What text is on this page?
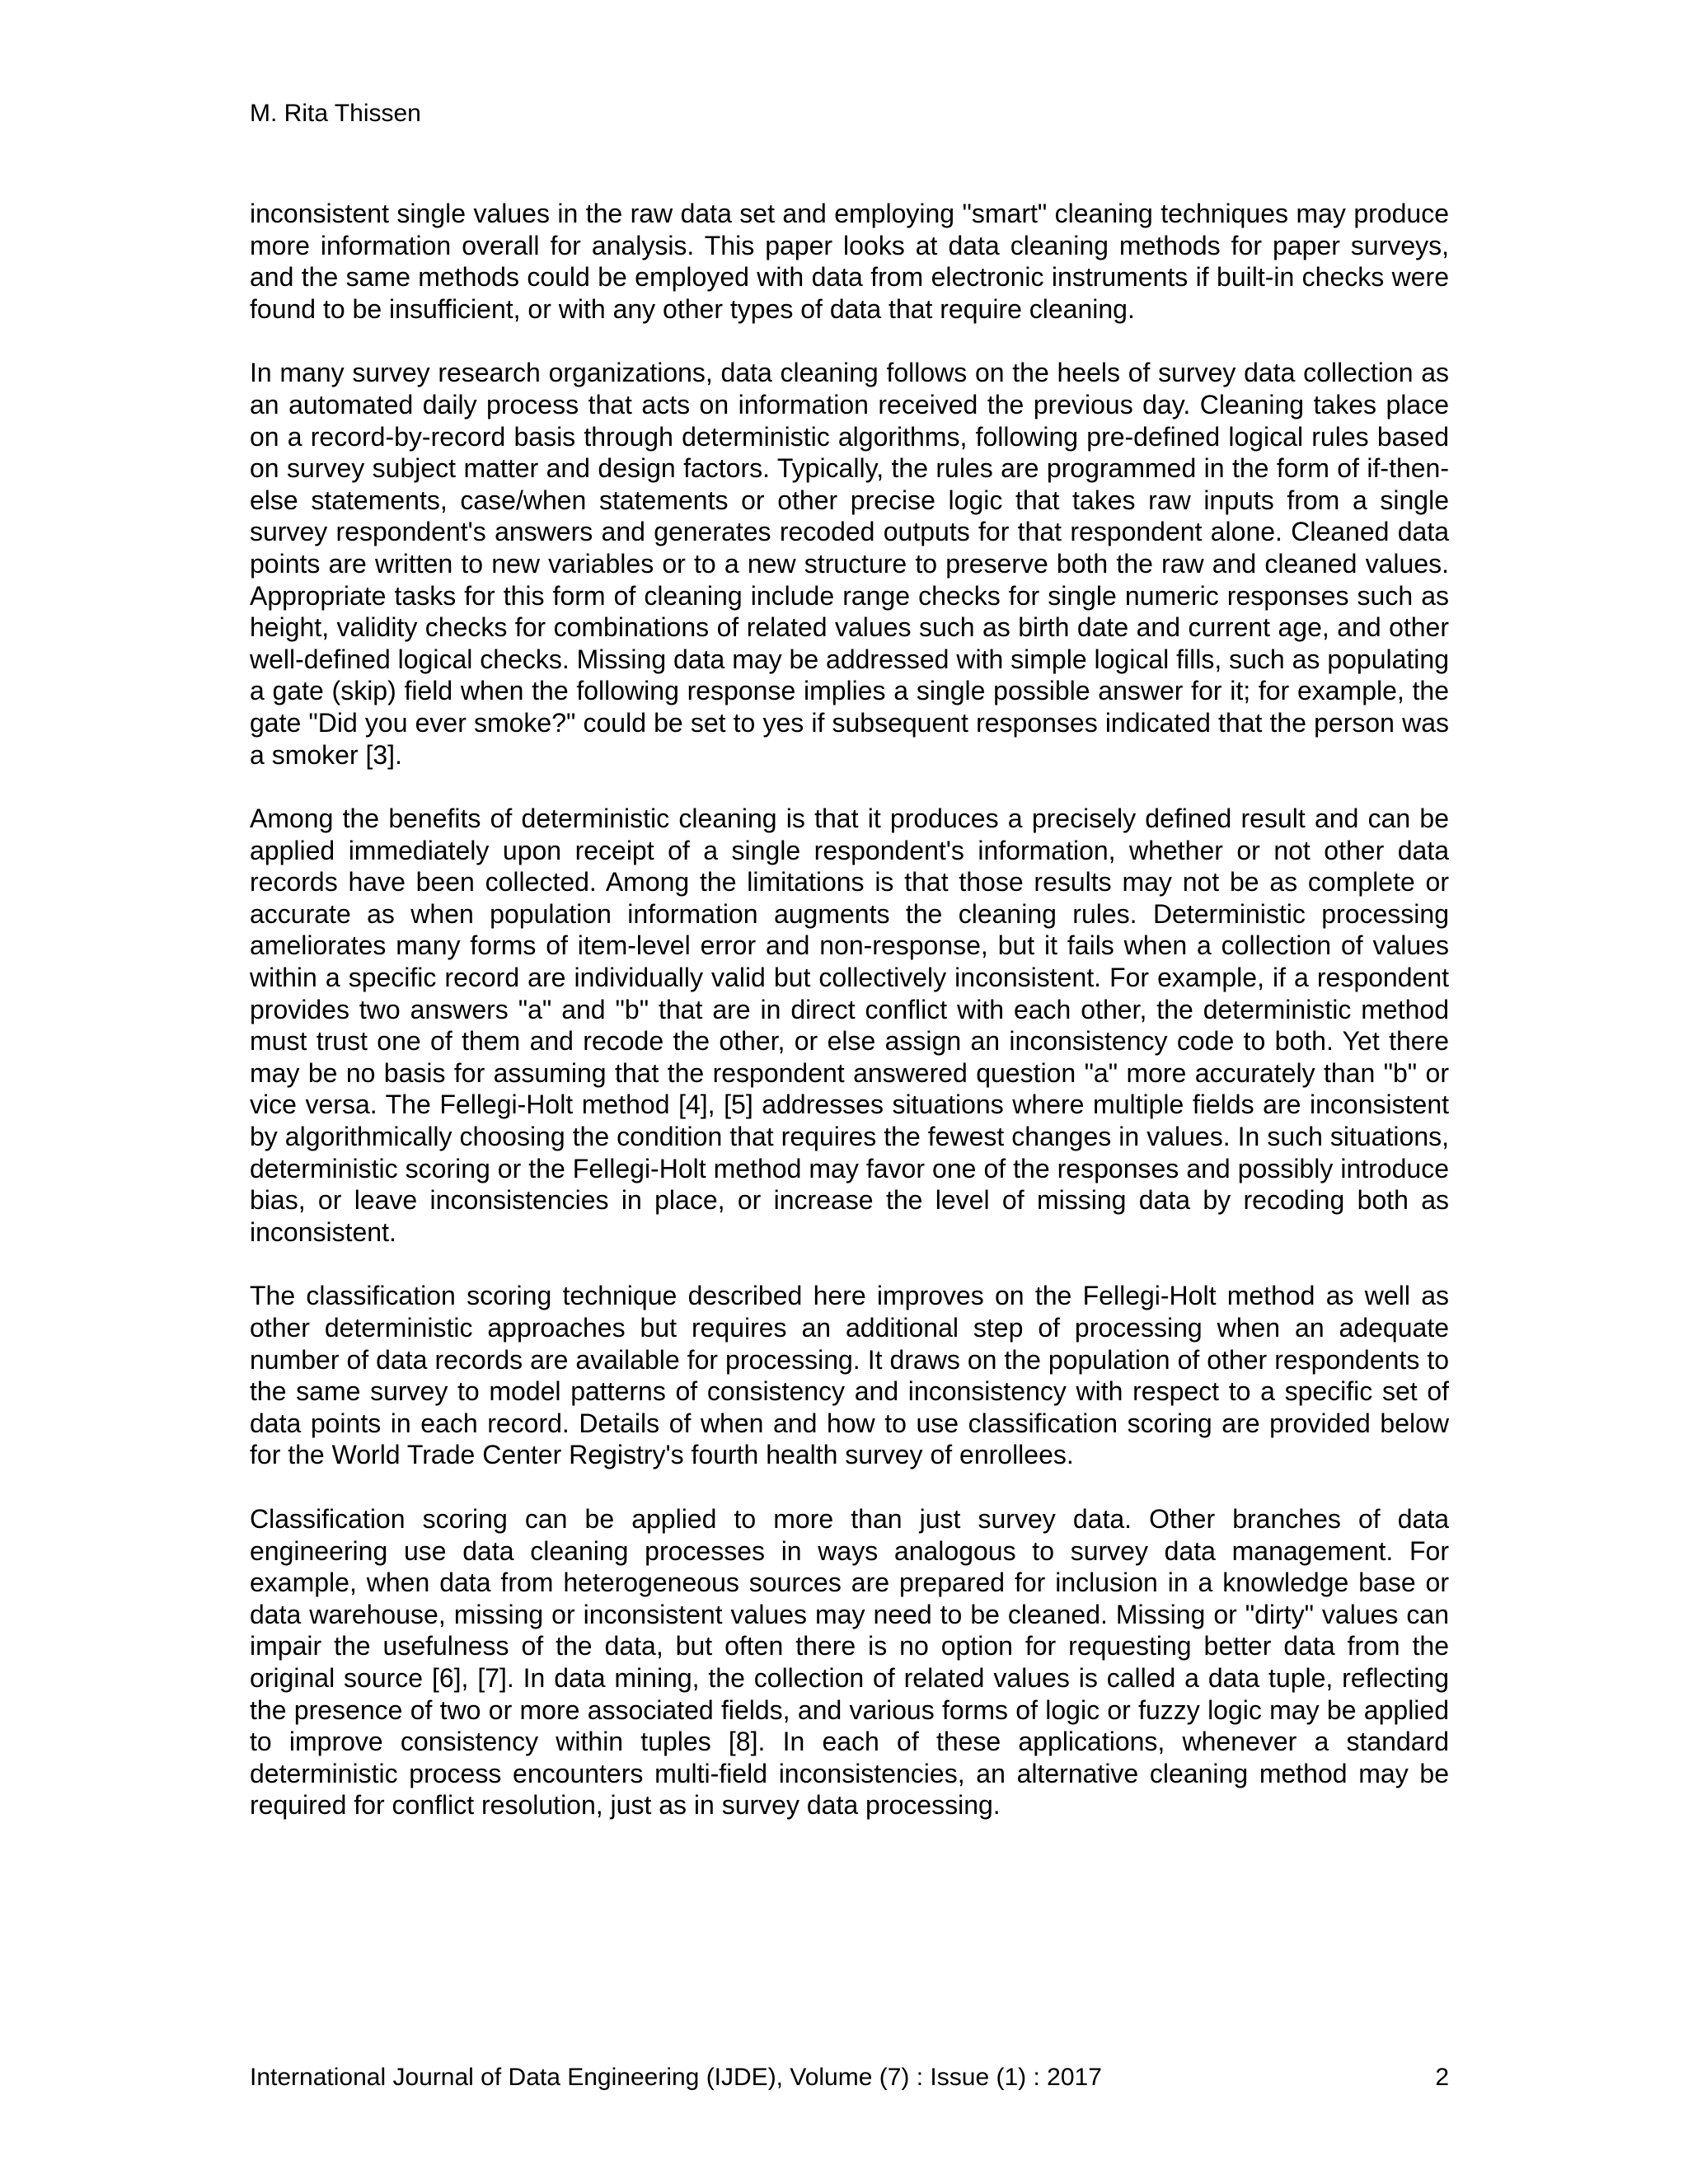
M. Rita Thissen

inconsistent single values in the raw data set and employing "smart" cleaning techniques may produce more information overall for analysis. This paper looks at data cleaning methods for paper surveys, and the same methods could be employed with data from electronic instruments if built-in checks were found to be insufficient, or with any other types of data that require cleaning.

In many survey research organizations, data cleaning follows on the heels of survey data collection as an automated daily process that acts on information received the previous day. Cleaning takes place on a record-by-record basis through deterministic algorithms, following pre-defined logical rules based on survey subject matter and design factors. Typically, the rules are programmed in the form of if-then-else statements, case/when statements or other precise logic that takes raw inputs from a single survey respondent's answers and generates recoded outputs for that respondent alone. Cleaned data points are written to new variables or to a new structure to preserve both the raw and cleaned values. Appropriate tasks for this form of cleaning include range checks for single numeric responses such as height, validity checks for combinations of related values such as birth date and current age, and other well-defined logical checks. Missing data may be addressed with simple logical fills, such as populating a gate (skip) field when the following response implies a single possible answer for it; for example, the gate "Did you ever smoke?" could be set to yes if subsequent responses indicated that the person was a smoker [3].

Among the benefits of deterministic cleaning is that it produces a precisely defined result and can be applied immediately upon receipt of a single respondent's information, whether or not other data records have been collected. Among the limitations is that those results may not be as complete or accurate as when population information augments the cleaning rules. Deterministic processing ameliorates many forms of item-level error and non-response, but it fails when a collection of values within a specific record are individually valid but collectively inconsistent. For example, if a respondent provides two answers "a" and "b" that are in direct conflict with each other, the deterministic method must trust one of them and recode the other, or else assign an inconsistency code to both. Yet there may be no basis for assuming that the respondent answered question "a" more accurately than "b" or vice versa. The Fellegi-Holt method [4], [5] addresses situations where multiple fields are inconsistent by algorithmically choosing the condition that requires the fewest changes in values. In such situations, deterministic scoring or the Fellegi-Holt method may favor one of the responses and possibly introduce bias, or leave inconsistencies in place, or increase the level of missing data by recoding both as inconsistent.

The classification scoring technique described here improves on the Fellegi-Holt method as well as other deterministic approaches but requires an additional step of processing when an adequate number of data records are available for processing. It draws on the population of other respondents to the same survey to model patterns of consistency and inconsistency with respect to a specific set of data points in each record. Details of when and how to use classification scoring are provided below for the World Trade Center Registry's fourth health survey of enrollees.

Classification scoring can be applied to more than just survey data. Other branches of data engineering use data cleaning processes in ways analogous to survey data management. For example, when data from heterogeneous sources are prepared for inclusion in a knowledge base or data warehouse, missing or inconsistent values may need to be cleaned. Missing or "dirty" values can impair the usefulness of the data, but often there is no option for requesting better data from the original source [6], [7]. In data mining, the collection of related values is called a data tuple, reflecting the presence of two or more associated fields, and various forms of logic or fuzzy logic may be applied to improve consistency within tuples [8]. In each of these applications, whenever a standard deterministic process encounters multi-field inconsistencies, an alternative cleaning method may be required for conflict resolution, just as in survey data processing.

International Journal of Data Engineering (IJDE), Volume (7) : Issue (1) : 2017	2
